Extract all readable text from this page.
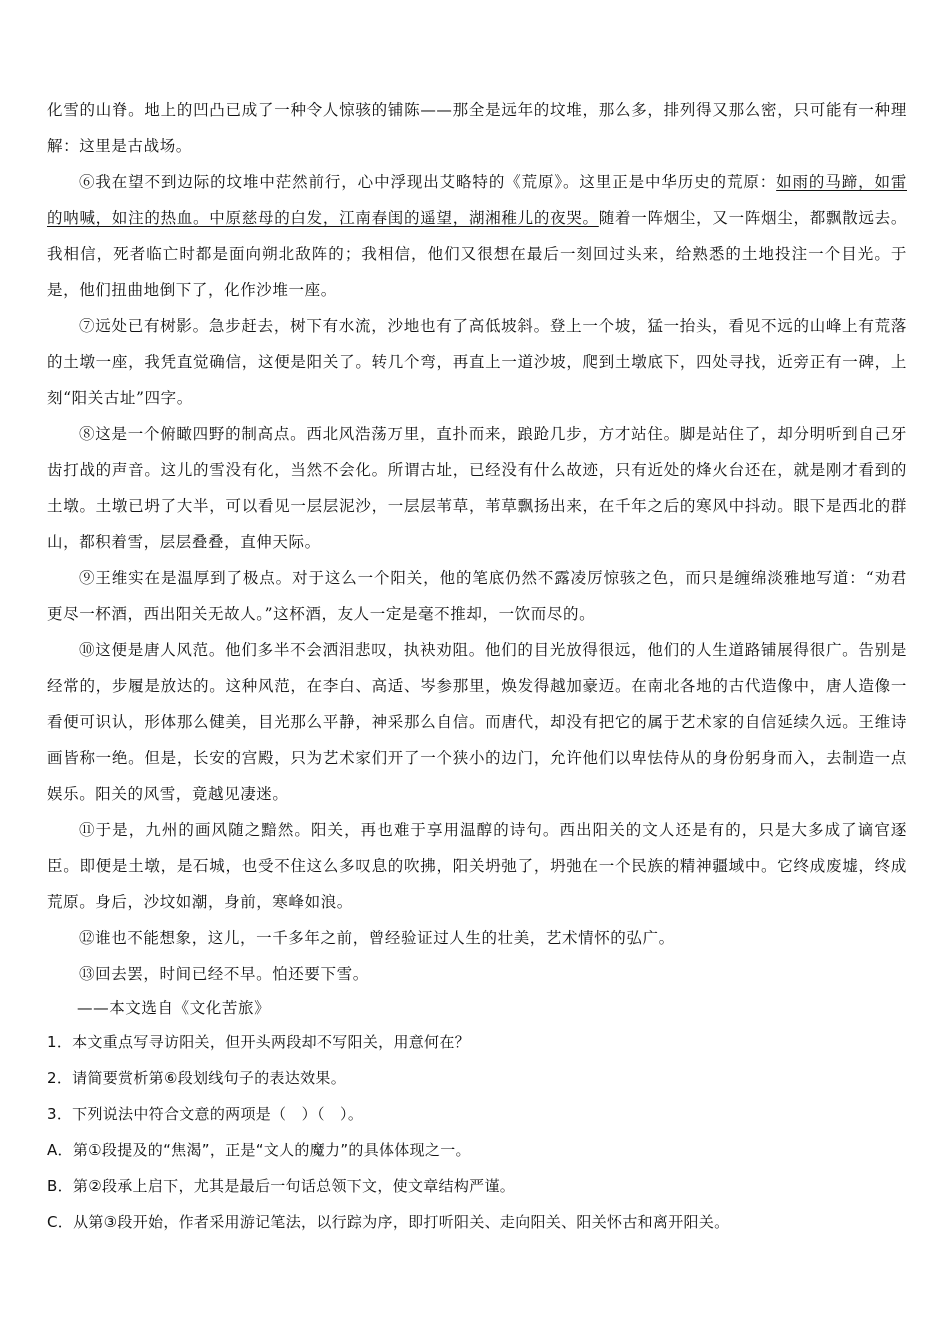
化雪的山脊。地上的凹凸已成了一种令人惊骇的铺陈——那全是远年的坟堆，那么多，排列得又那么密，只可能有一种理解：这里是古战场。

⑥我在望不到边际的坟堆中茫然前行，心中浮现出艾略特的《荒原》。这里正是中华历史的荒原：如雨的马蹄，如雷的呐喊，如注的热血。中原慈母的白发，江南春闺的遥望，湖湘稚儿的夜哭。随着一阵烟尘，又一阵烟尘，都飘散远去。我相信，死者临亡时都是面向朔北敌阵的；我相信，他们又很想在最后一刻回过头来，给熟悉的土地投注一个目光。于是，他们扭曲地倒下了，化作沙堆一座。

⑦远处已有树影。急步赶去，树下有水流，沙地也有了高低坡斜。登上一个坡，猛一抬头，看见不远的山峰上有荒落的土墩一座，我凭直觉确信，这便是阳关了。转几个弯，再直上一道沙坡，爬到土墩底下，四处寻找，近旁正有一碑，上刻“阳关古址”四字。

⑧这是一个俯瞰四野的制高点。西北风浩荡万里，直扑而来，踉跄几步，方才站住。脚是站住了，却分明听到自己牙齿打战的声音。这儿的雪没有化，当然不会化。所谓古址，已经没有什么故迹，只有近处的烽火台还在，就是刚才看到的土墩。土墩已坍了大半，可以看见一层层泥沙，一层层苇草，苇草飘扬出来，在千年之后的寒风中抖动。眼下是西北的群山，都积着雪，层层叠叠，直伸天际。

⑨王维实在是温厚到了极点。对于这么一个阳关，他的笔底仍然不露凌厉惊骇之色，而只是缠绵淡雅地写道：“劝君更尽一杯酒，西出阳关无故人。”这杯酒，友人一定是毫不推却，一饮而尽的。

⑩这便是唐人风范。他们多半不会洒泪悲叹，执袂劝阻。他们的目光放得很远，他们的人生道路铺展得很广。告别是经常的，步履是放达的。这种风范，在李白、高适、岑参那里，焕发得越加豪迈。在南北各地的古代造像中，唐人造像一看便可识认，形体那么健美，目光那么平静，神采那么自信。而唐代，却没有把它的属于艺术家的自信延续久远。王维诗画皆称一绝。但是，长安的宫殿，只为艺术家们开了一个狭小的边门，允许他们以卑怯侍从的身份躬身而入，去制造一点娱乐。阳关的风雪，竟越见凄迷。

⑪于是，九州的画风随之黯然。阳关，再也难于享用温醇的诗句。西出阳关的文人还是有的，只是大多成了谪官逐臣。即便是土墩，是石城，也受不住这么多叹息的吹拂，阳关坍弛了，坍弛在一个民族的精神疆域中。它终成废墟，终成荒原。身后，沙坟如潮，身前，寒峰如浪。

⑫谁也不能想象，这儿，一千多年之前，曾经验证过人生的壮美，艺术情怀的弘广。

⑬回去罢，时间已经不早。怕还要下雪。

——本文选自《文化苦旅》

1．本文重点写寻访阳关，但开头两段却不写阳关，用意何在？

2．请简要赏析第⑥段划线句子的表达效果。

3．下列说法中符合文意的两项是（　）（　）。

A．第①段提及的“焦渴”，正是“文人的魔力”的具体体现之一。

B．第②段承上启下，尤其是最后一句话总领下文，使文章结构严谨。

C．从第③段开始，作者采用游记笔法，以行踪为序，即打听阳关、走向阳关、阳关怀古和离开阳关。
